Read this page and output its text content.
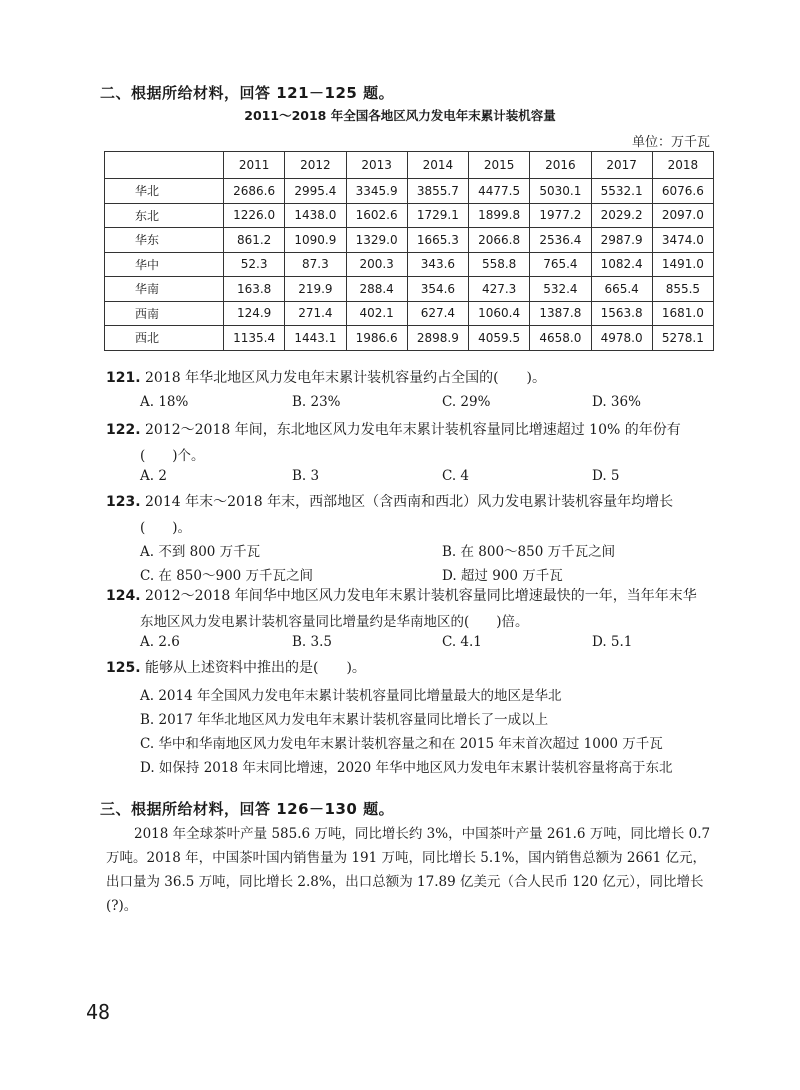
二、根据所给材料，回答 121－125 题。
2011～2018 年全国各地区风力发电年末累计装机容量
单位：万千瓦
	2011	2012	2013	2014	2015	2016	2017	2018
华北	2686.6	2995.4	3345.9	3855.7	4477.5	5030.1	5532.1	6076.6
东北	1226.0	1438.0	1602.6	1729.1	1899.8	1977.2	2029.2	2097.0
华东	861.2	1090.9	1329.0	1665.3	2066.8	2536.4	2987.9	3474.0
华中	52.3	87.3	200.3	343.6	558.8	765.4	1082.4	1491.0
华南	163.8	219.9	288.4	354.6	427.3	532.4	665.4	855.5
西南	124.9	271.4	402.1	627.4	1060.4	1387.8	1563.8	1681.0
西北	1135.4	1443.1	1986.6	2898.9	4059.5	4658.0	4978.0	5278.1
121. 2018 年华北地区风力发电年末累计装机容量约占全国的(　　)。
A. 18%	B. 23%	C. 29%	D. 36%
122. 2012～2018 年间，东北地区风力发电年末累计装机容量同比增速超过 10% 的年份有
(　　)个。
A. 2	B. 3	C. 4	D. 5
123. 2014 年末～2018 年末，西部地区（含西南和西北）风力发电累计装机容量年均增长
(　　)。
A. 不到 800 万千瓦	B. 在 800～850 万千瓦之间
C. 在 850～900 万千瓦之间	D. 超过 900 万千瓦
124. 2012～2018 年间华中地区风力发电年末累计装机容量同比增速最快的一年，当年年末华
东地区风力发电累计装机容量同比增量约是华南地区的(　　)倍。
A. 2.6	B. 3.5	C. 4.1	D. 5.1
125. 能够从上述资料中推出的是(　　)。
A. 2014 年全国风力发电年末累计装机容量同比增量最大的地区是华北
B. 2017 年华北地区风力发电年末累计装机容量同比增长了一成以上
C. 华中和华南地区风力发电年末累计装机容量之和在 2015 年末首次超过 1000 万千瓦
D. 如保持 2018 年末同比增速，2020 年华中地区风力发电年末累计装机容量将高于东北
三、根据所给材料，回答 126－130 题。
2018 年全球茶叶产量 585.6 万吨，同比增长约 3%，中国茶叶产量 261.6 万吨，同比增长 0.7 万吨。2018 年，中国茶叶国内销售量为 191 万吨，同比增长 5.1%，国内销售总额为 2661 亿元，出口量为 36.5 万吨，同比增长 2.8%，出口总额为 17.89 亿美元（合人民币 120 亿元），同比增长(?)。
48
